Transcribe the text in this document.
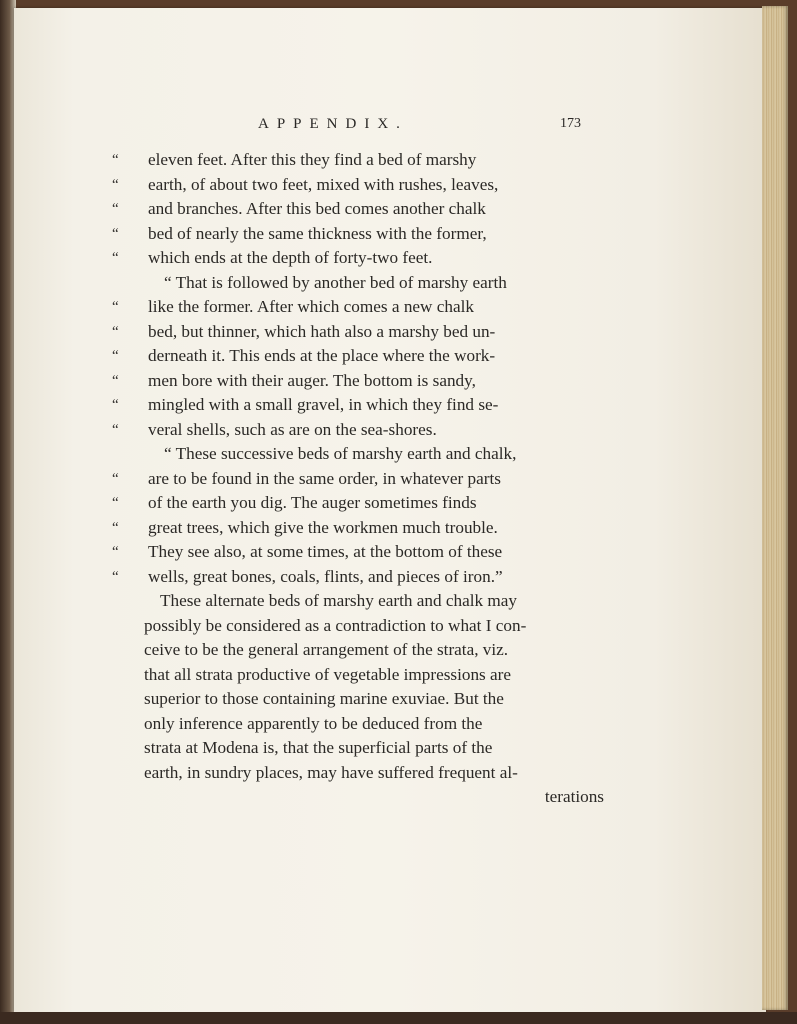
APPENDIX.	173
“	eleven feet. After this they find a bed of marshy
“	earth, of about two feet, mixed with rushes, leaves,
“	and branches. After this bed comes another chalk
“	bed of nearly the same thickness with the former,
“	which ends at the depth of forty-two feet.
“ That is followed by another bed of marshy earth
“	like the former. After which comes a new chalk
“	bed, but thinner, which hath also a marshy bed un-
“	derneath it. This ends at the place where the work-
“	men bore with their auger. The bottom is sandy,
“	mingled with a small gravel, in which they find se-
“	veral shells, such as are on the sea-shores.
“ These successive beds of marshy earth and chalk,
“	are to be found in the same order, in whatever parts
“	of the earth you dig. The auger sometimes finds
“	great trees, which give the workmen much trouble.
“	They see also, at some times, at the bottom of these
“	wells, great bones, coals, flints, and pieces of iron.”
These alternate beds of marshy earth and chalk may
possibly be considered as a contradiction to what I con-
ceive to be the general arrangement of the strata, viz.
that all strata productive of vegetable impressions are
superior to those containing marine exuviae. But the
only inference apparently to be deduced from the
strata at Modena is, that the superficial parts of the
earth, in sundry places, may have suffered frequent al-
terations
